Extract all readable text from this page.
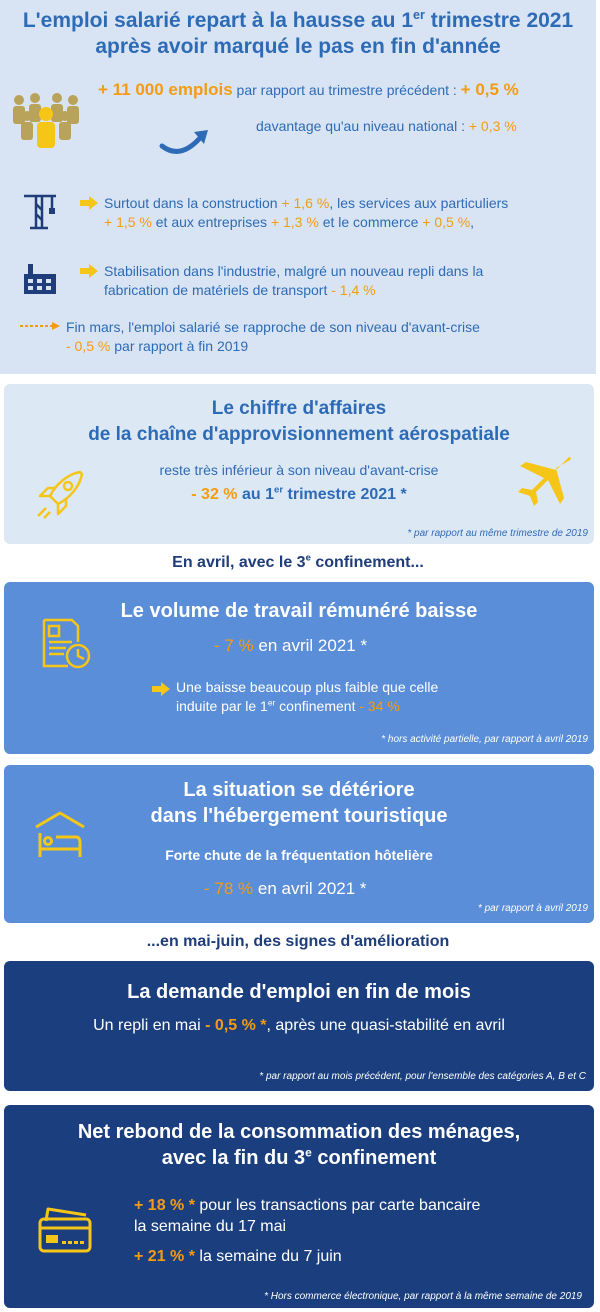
L'emploi salarié repart à la hausse au 1er trimestre 2021
après avoir marqué le pas en fin d'année
+ 11 000 emplois par rapport au trimestre précédent : + 0,5 %
davantage qu'au niveau national : + 0,3 %
Surtout dans la construction + 1,6 %, les services aux particuliers
+ 1,5 % et aux entreprises + 1,3 % et le commerce + 0,5 %,
Stabilisation dans l'industrie, malgré un nouveau repli dans la
fabrication de matériels de transport - 1,4 %
Fin mars, l'emploi salarié se rapproche de son niveau d'avant-crise
- 0,5 % par rapport à fin 2019
Le chiffre d'affaires
de la chaîne d'approvisionnement aérospatiale
reste très inférieur à son niveau d'avant-crise
- 32 % au 1er trimestre 2021 *
* par rapport au même trimestre de 2019
En avril, avec le 3e confinement...
Le volume de travail rémunéré baisse
- 7 % en avril 2021 *
Une baisse beaucoup plus faible que celle
induite par le 1er confinement - 34 %
* hors activité partielle, par rapport à avril 2019
La situation se détériore
dans l'hébergement touristique
Forte chute de la fréquentation hôtelière
- 78 % en avril 2021 *
* par rapport à avril 2019
...en mai-juin, des signes d'amélioration
La demande d'emploi en fin de mois
Un repli en mai - 0,5 % *, après une quasi-stabilité en avril
* par rapport au mois précédent, pour l'ensemble des catégories A, B et C
Net rebond de la consommation des ménages,
avec la fin du 3e confinement
+ 18 % * pour les transactions par carte bancaire
la semaine du 17 mai
+ 21 % * la semaine du 7 juin
* Hors commerce électronique, par rapport à la même semaine de 2019
